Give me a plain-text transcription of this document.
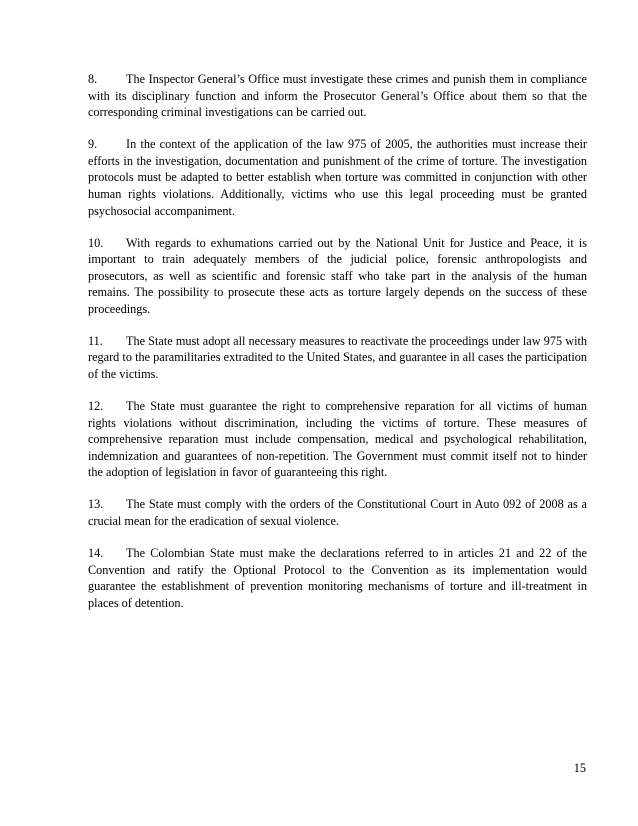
8. The Inspector General’s Office must investigate these crimes and punish them in compliance with its disciplinary function and inform the Prosecutor General’s Office about them so that the corresponding criminal investigations can be carried out.

9. In the context of the application of the law 975 of 2005, the authorities must increase their efforts in the investigation, documentation and punishment of the crime of torture. The investigation protocols must be adapted to better establish when torture was committed in conjunction with other human rights violations. Additionally, victims who use this legal proceeding must be granted psychosocial accompaniment.

10. With regards to exhumations carried out by the National Unit for Justice and Peace, it is important to train adequately members of the judicial police, forensic anthropologists and prosecutors, as well as scientific and forensic staff who take part in the analysis of the human remains. The possibility to prosecute these acts as torture largely depends on the success of these proceedings.

11. The State must adopt all necessary measures to reactivate the proceedings under law 975 with regard to the paramilitaries extradited to the United States, and guarantee in all cases the participation of the victims.

12. The State must guarantee the right to comprehensive reparation for all victims of human rights violations without discrimination, including the victims of torture. These measures of comprehensive reparation must include compensation, medical and psychological rehabilitation, indemnization and guarantees of non-repetition. The Government must commit itself not to hinder the adoption of legislation in favor of guaranteeing this right.

13. The State must comply with the orders of the Constitutional Court in Auto 092 of 2008 as a crucial mean for the eradication of sexual violence.

14. The Colombian State must make the declarations referred to in articles 21 and 22 of the Convention and ratify the Optional Protocol to the Convention as its implementation would guarantee the establishment of prevention monitoring mechanisms of torture and ill-treatment in places of detention.

15
